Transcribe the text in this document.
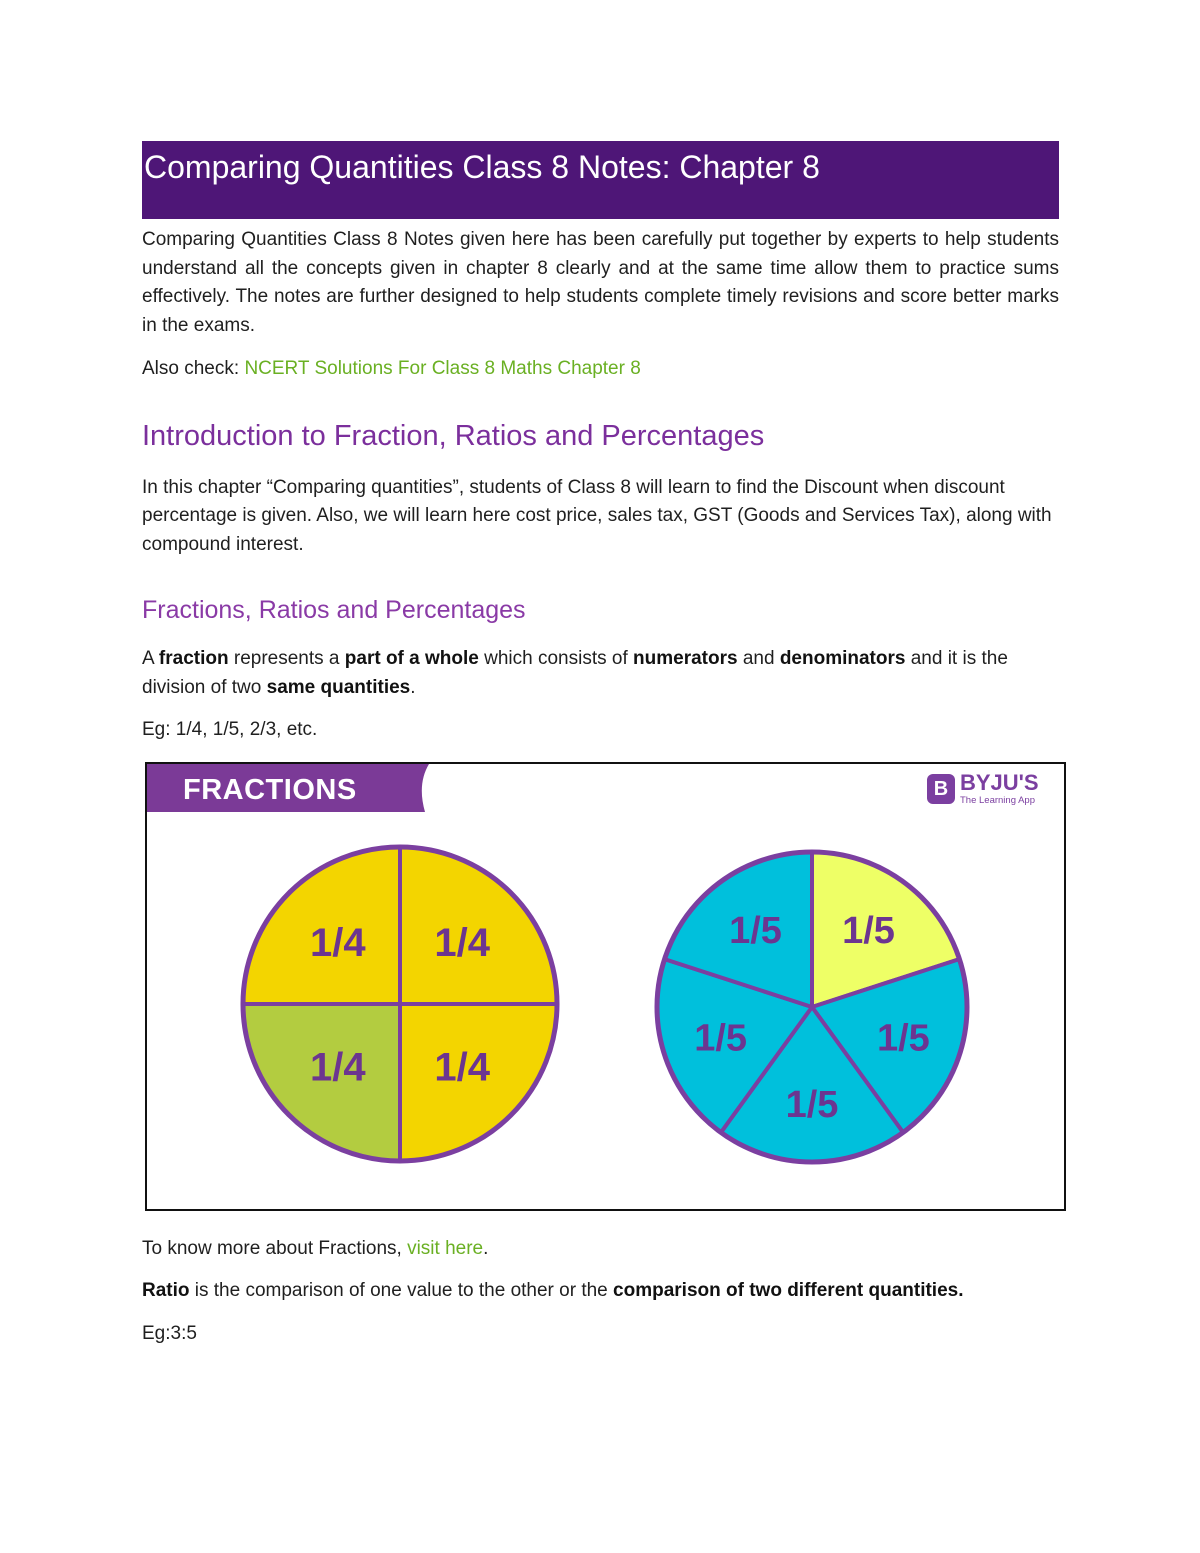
Comparing Quantities Class 8 Notes: Chapter 8

Comparing Quantities Class 8 Notes given here has been carefully put together by experts to help students understand all the concepts given in chapter 8 clearly and at the same time allow them to practice sums effectively. The notes are further designed to help students complete timely revisions and score better marks in the exams.

Also check: NCERT Solutions For Class 8 Maths Chapter 8

Introduction to Fraction, Ratios and Percentages

In this chapter “Comparing quantities”, students of Class 8 will learn to find the Discount when discount percentage is given. Also, we will learn here cost price, sales tax, GST (Goods and Services Tax), along with compound interest.

Fractions, Ratios and Percentages

A fraction represents a part of a whole which consists of numerators and denominators and it is the division of two same quantities.

Eg: 1/4, 1/5, 2/3, etc.

FRACTIONS	B BYJU'S
The Learning App
1/4
1/4
1/4 1/4	1/5
1/5
1/5
1/5
1/5

To know more about Fractions, visit here.

Ratio is the comparison of one value to the other or the comparison of two different quantities.

Eg:3:5
